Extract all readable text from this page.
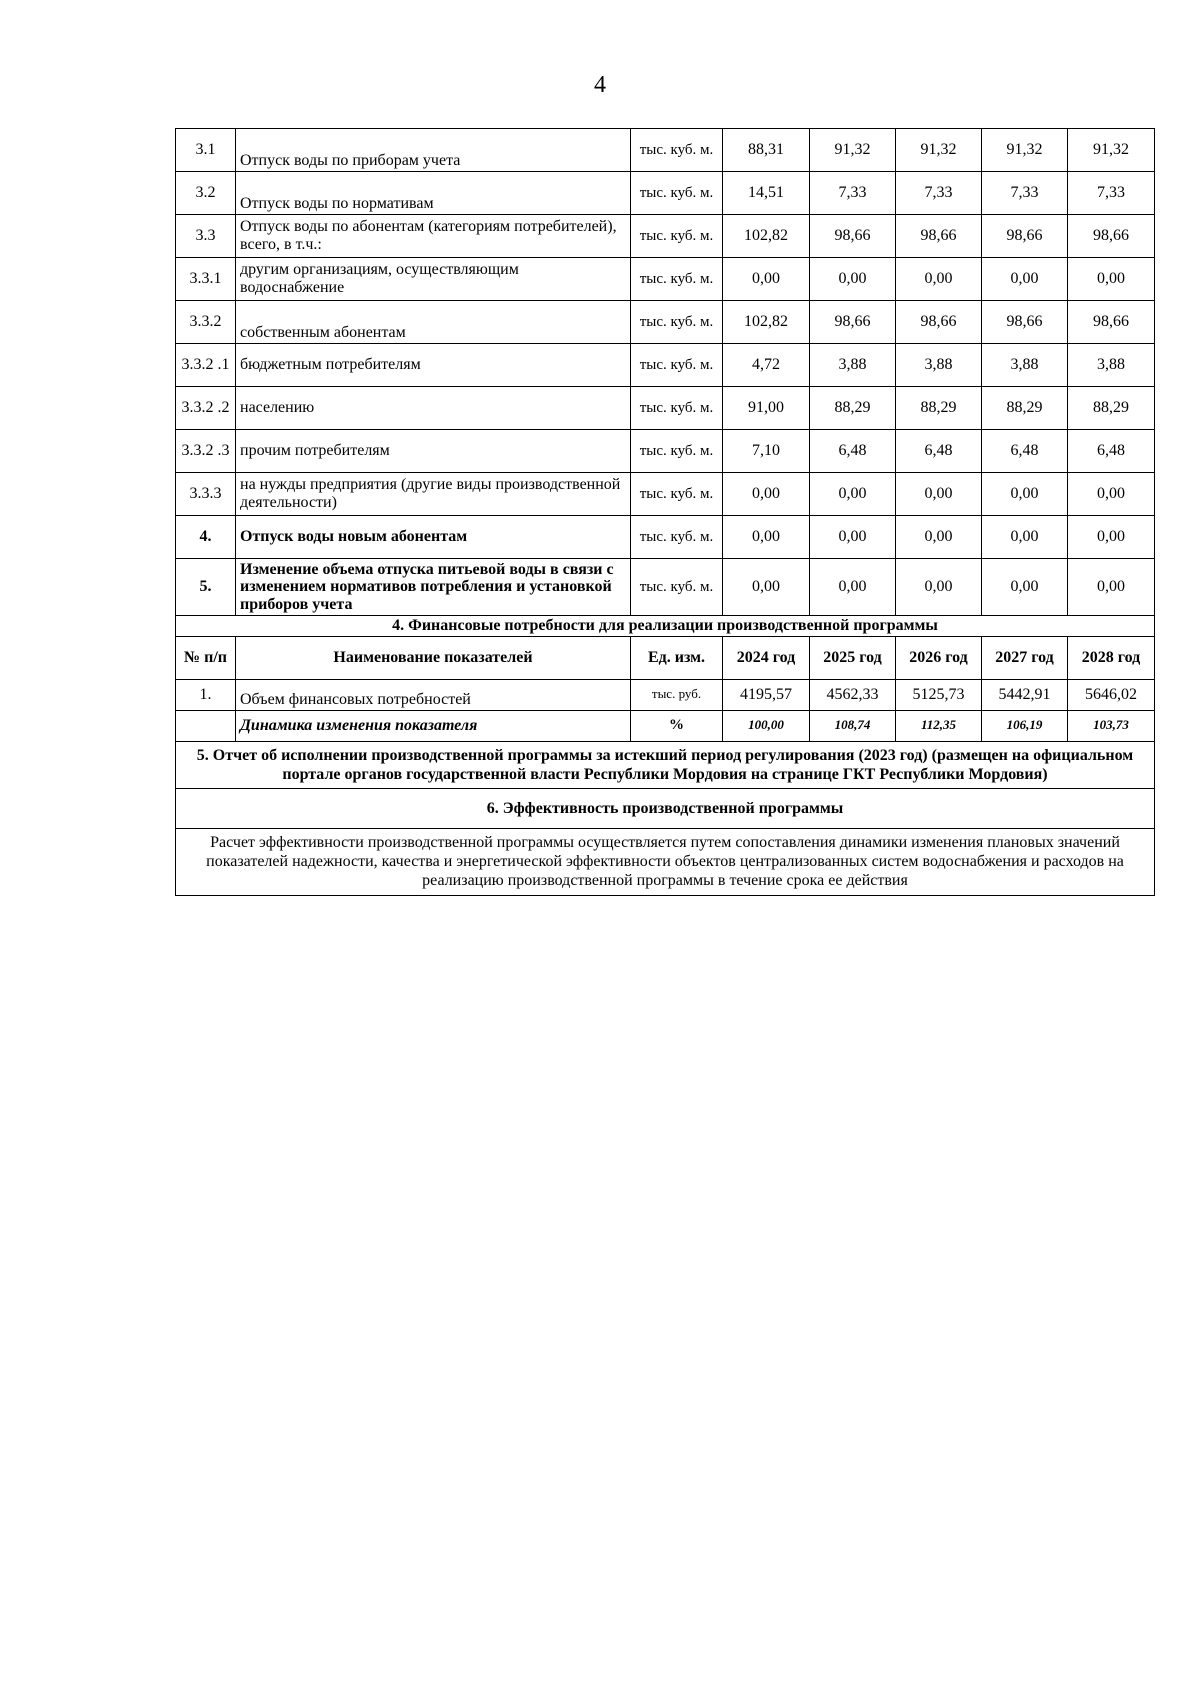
4
3.1	Отпуск воды по приборам учета	тыс. куб. м.	88,31	91,32	91,32	91,32	91,32
3.2	Отпуск воды по нормативам	тыс. куб. м.	14,51	7,33	7,33	7,33	7,33
3.3	Отпуск воды по абонентам (категориям потребителей), всего, в т.ч.:	тыс. куб. м.	102,82	98,66	98,66	98,66	98,66
3.3.1	другим организациям, осуществляющим водоснабжение	тыс. куб. м.	0,00	0,00	0,00	0,00	0,00
3.3.2	собственным абонентам	тыс. куб. м.	102,82	98,66	98,66	98,66	98,66
3.3.2 .1	бюджетным потребителям	тыс. куб. м.	4,72	3,88	3,88	3,88	3,88
3.3.2 .2	населению	тыс. куб. м.	91,00	88,29	88,29	88,29	88,29
3.3.2 .3	прочим потребителям	тыс. куб. м.	7,10	6,48	6,48	6,48	6,48
3.3.3	на нужды предприятия (другие виды производственной деятельности)	тыс. куб. м.	0,00	0,00	0,00	0,00	0,00
4.	Отпуск воды новым абонентам	тыс. куб. м.	0,00	0,00	0,00	0,00	0,00
5.	Изменение объема отпуска питьевой воды в связи с изменением нормативов потребления и установкой приборов учета	тыс. куб. м.	0,00	0,00	0,00	0,00	0,00
4. Финансовые потребности для реализации производственной программы							
№ п/п	Наименование показателей	Ед. изм.	2024 год	2025 год	2026 год	2027 год	2028 год
1.	Объем финансовых потребностей	тыс. руб.	4195,57	4562,33	5125,73	5442,91	5646,02
	Динамика изменения показателя	%	100,00	108,74	112,35	106,19	103,73
5. Отчет об исполнении производственной программы за истекший период регулирования (2023 год) (размещен на официальном портале органов государственной власти Республики Мордовия на странице ГКТ Республики Мордовия)							
6. Эффективность производственной программы							
Расчет эффективности производственной программы осуществляется путем сопоставления динамики изменения плановых значений показателей надежности, качества и энергетической эффективности объектов централизованных систем водоснабжения и расходов на реализацию производственной программы в течение срока ее действия							
